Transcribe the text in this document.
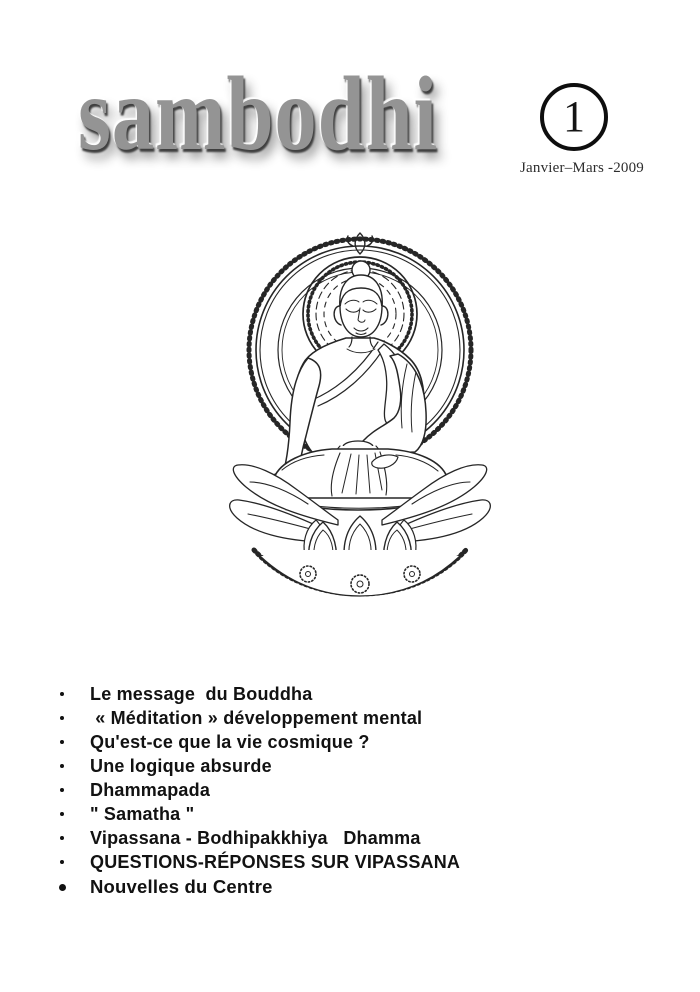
sambodhi	1
Janvier–Mars -2009
Le message  du Bouddha
« Méditation » développement mental
Qu'est-ce que la vie cosmique ?
Une logique absurde
Dhammapada
" Samatha "
Vipassana - Bodhipakkhiya   Dhamma
QUESTIONS-RÉPONSES SUR VIPASSANA
Nouvelles du Centre
